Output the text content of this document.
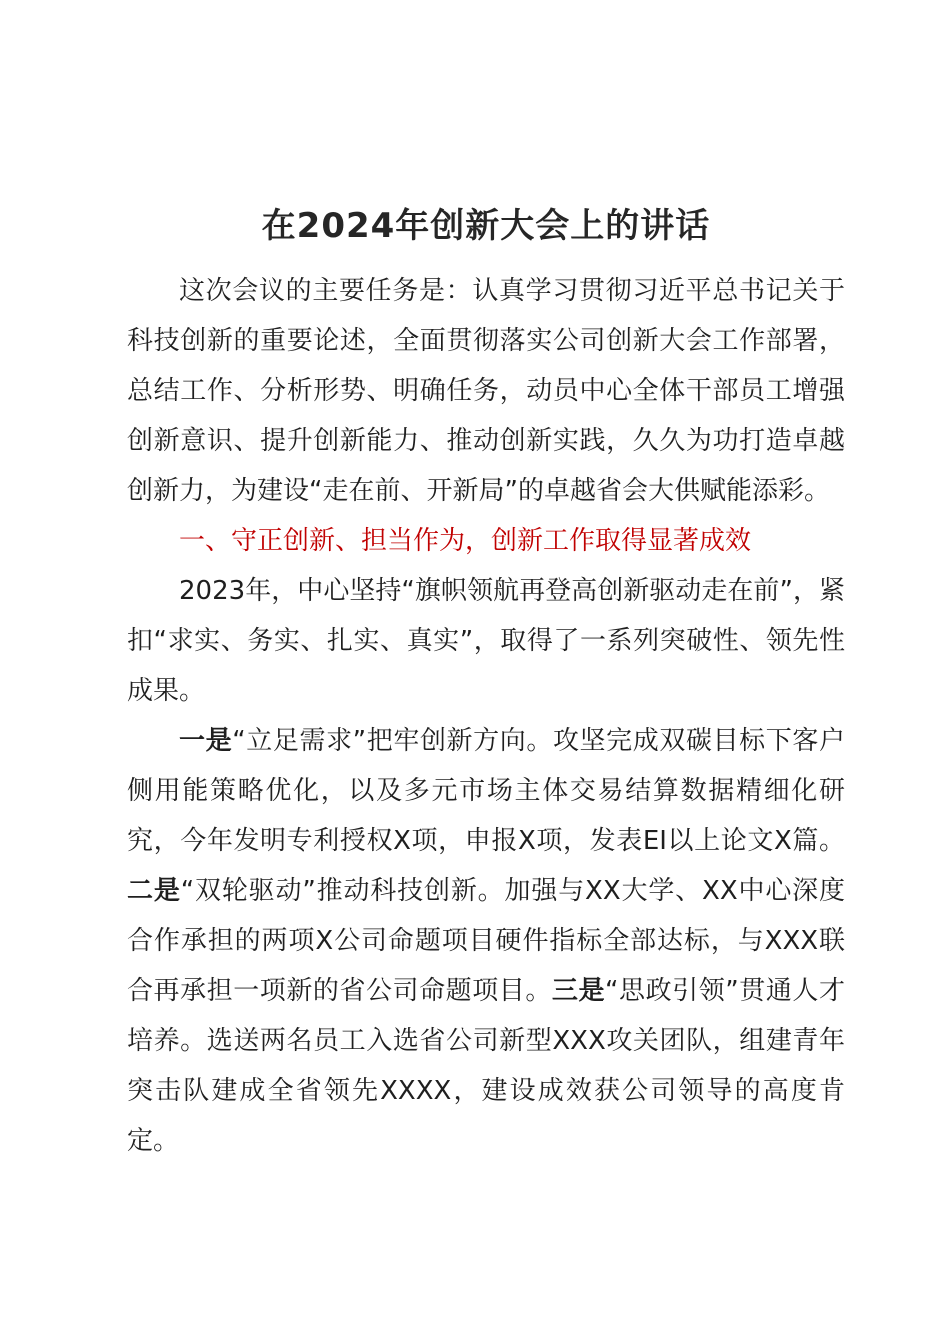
在2024年创新大会上的讲话

这次会议的主要任务是：认真学习贯彻习近平总书记关于科技创新的重要论述，全面贯彻落实公司创新大会工作部署，总结工作、分析形势、明确任务，动员中心全体干部员工增强创新意识、提升创新能力、推动创新实践，久久为功打造卓越创新力，为建设“走在前、开新局”的卓越省会大供赋能添彩。

一、守正创新、担当作为，创新工作取得显著成效

2023年，中心坚持“旗帜领航再登高创新驱动走在前”，紧扣“求实、务实、扎实、真实”，取得了一系列突破性、领先性成果。

一是“立足需求”把牢创新方向。攻坚完成双碳目标下客户侧用能策略优化，以及多元市场主体交易结算数据精细化研究，今年发明专利授权X项，申报X项，发表EI以上论文X篇。二是“双轮驱动”推动科技创新。加强与XX大学、XX中心深度合作承担的两项X公司命题项目硬件指标全部达标，与XXX联合再承担一项新的省公司命题项目。三是“思政引领”贯通人才培养。选送两名员工入选省公司新型XXX攻关团队，组建青年突击队建成全省领先XXXX，建设成效获公司领导的高度肯定。
